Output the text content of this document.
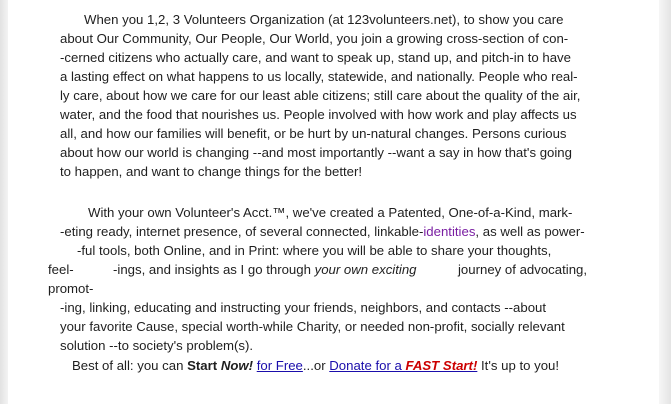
When you 1,2, 3 Volunteers Organization (at 123volunteers.net), to show you care
about Our Community, Our People, Our World, you join a growing cross-section of con-
-cerned citizens who actually care, and want to speak up, stand up, and pitch-in to have
a lasting effect on what happens to us locally, statewide, and nationally. People who real-
ly care, about how we care for our least able citizens; still care about the quality of the air,
water, and the food that nourishes us. People involved with how work and play affects us
all, and how our families will benefit, or be hurt by un-natural changes. Persons curious
about how our world is changing --and most importantly --want a say in how that's going
to happen, and want to change things for the better!
With your own Volunteer's Acct.™, we've created a Patented, One-of-a-Kind, mark-
-eting ready, internet presence, of several connected, linkable-identities, as well as power-
-ful tools, both Online, and in Print: where you will be able to share your thoughts,
feel-	-ings, and insights as I go through your own exciting	journey of advocating,
promot-
-ing, linking, educating and instructing your friends, neighbors, and contacts --about
your favorite Cause, special worth-while Charity, or needed non-profit, socially relevant
solution --to society's problem(s).
Best of all: you can Start Now! for Free...or Donate for a FAST Start! It's up to you!
